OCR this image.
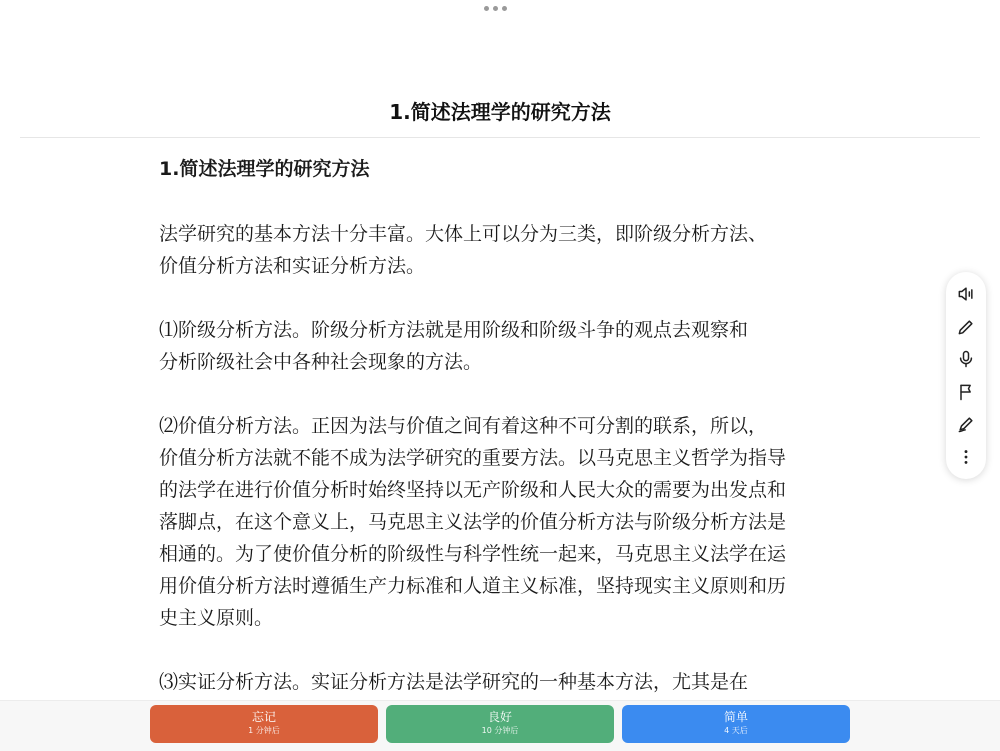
1.简述法理学的研究方法

1.简述法理学的研究方法

法学研究的基本方法十分丰富。大体上可以分为三类，即阶级分析方法、
价值分析方法和实证分析方法。

⑴阶级分析方法。阶级分析方法就是用阶级和阶级斗争的观点去观察和
分析阶级社会中各种社会现象的方法。

⑵价值分析方法。正因为法与价值之间有着这种不可分割的联系，所以，
价值分析方法就不能不成为法学研究的重要方法。以马克思主义哲学为指导
的法学在进行价值分析时始终坚持以无产阶级和人民大众的需要为出发点和
落脚点，在这个意义上，马克思主义法学的价值分析方法与阶级分析方法是
相通的。为了使价值分析的阶级性与科学性统一起来，马克思主义法学在运
用价值分析方法时遵循生产力标准和人道主义标准，坚持现实主义原则和历
史主义原则。

⑶实证分析方法。实证分析方法是法学研究的一种基本方法，尤其是在

忘记
1 分钟后
良好
10 分钟后
简单
4 天后
